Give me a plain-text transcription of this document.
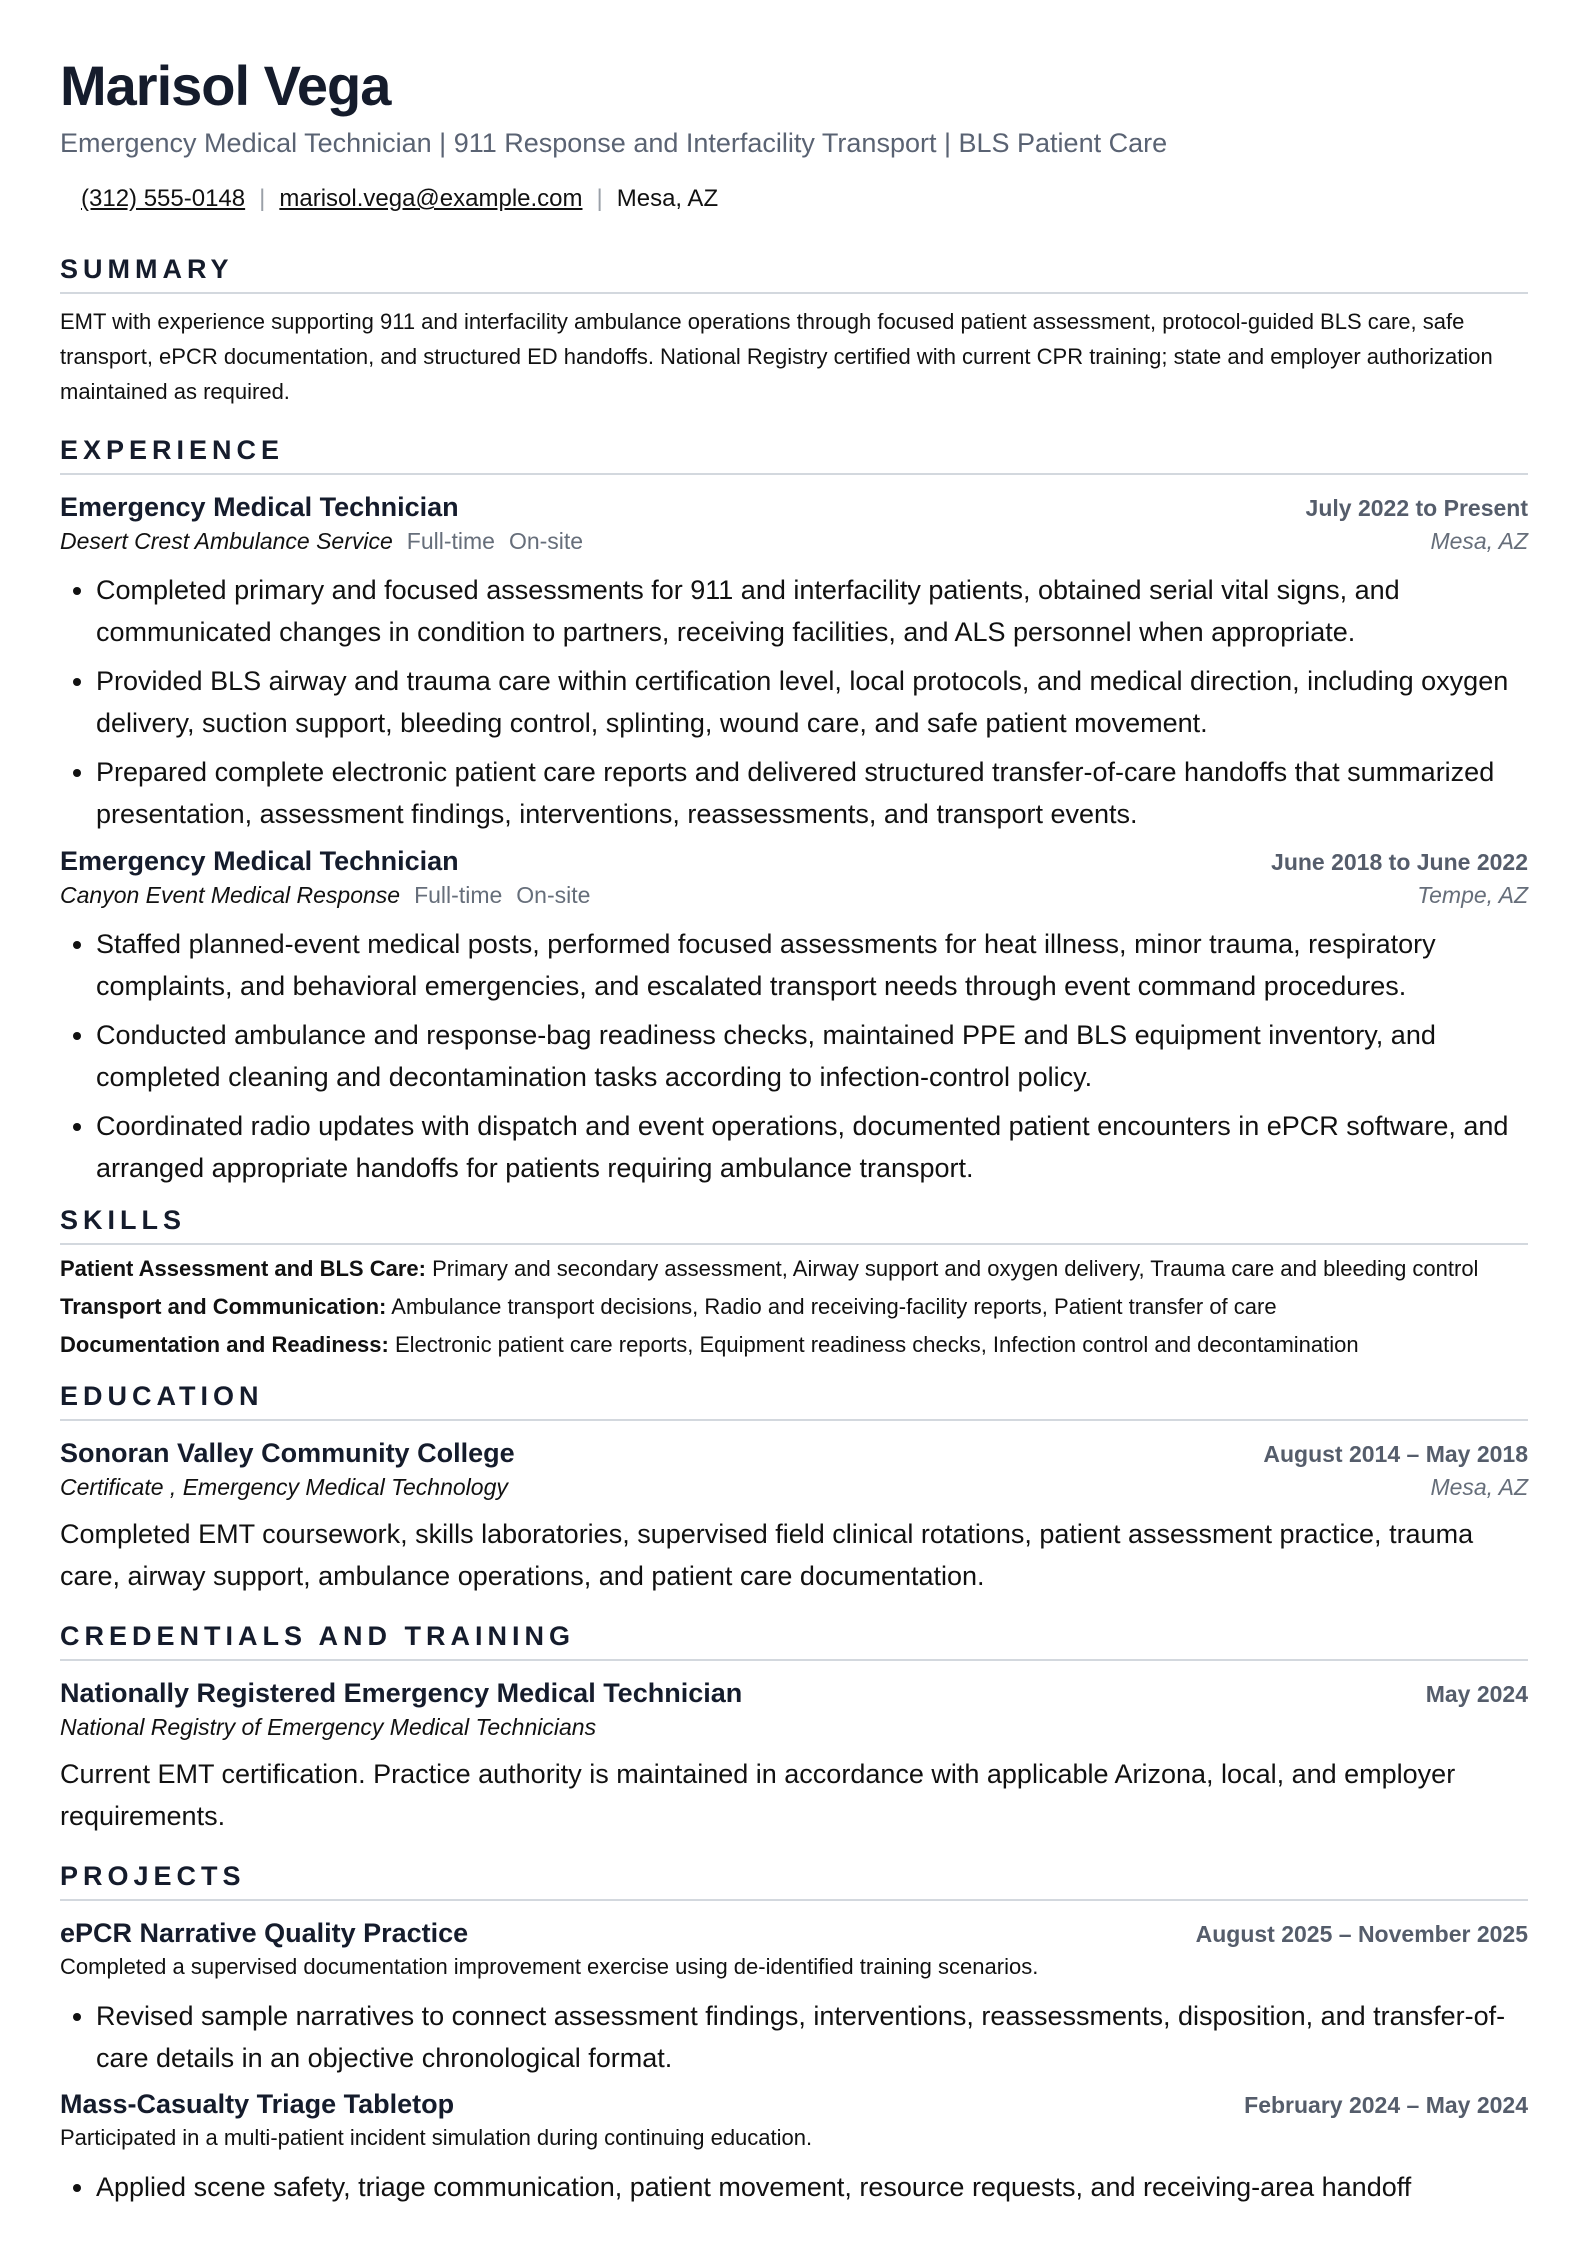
Marisol Vega
Emergency Medical Technician | 911 Response and Interfacility Transport | BLS Patient Care
(312) 555-0148 | marisol.vega@example.com | Mesa, AZ
SUMMARY
EMT with experience supporting 911 and interfacility ambulance operations through focused patient assessment, protocol-guided BLS care, safe transport, ePCR documentation, and structured ED handoffs. National Registry certified with current CPR training; state and employer authorization maintained as required.
EXPERIENCE
Emergency Medical Technician	July 2022 to Present
Desert Crest Ambulance Service Full-time On-site	Mesa, AZ
• Completed primary and focused assessments for 911 and interfacility patients, obtained serial vital signs, and communicated changes in condition to partners, receiving facilities, and ALS personnel when appropriate.
• Provided BLS airway and trauma care within certification level, local protocols, and medical direction, including oxygen delivery, suction support, bleeding control, splinting, wound care, and safe patient movement.
• Prepared complete electronic patient care reports and delivered structured transfer-of-care handoffs that summarized presentation, assessment findings, interventions, reassessments, and transport events.
Emergency Medical Technician	June 2018 to June 2022
Canyon Event Medical Response Full-time On-site	Tempe, AZ
• Staffed planned-event medical posts, performed focused assessments for heat illness, minor trauma, respiratory complaints, and behavioral emergencies, and escalated transport needs through event command procedures.
• Conducted ambulance and response-bag readiness checks, maintained PPE and BLS equipment inventory, and completed cleaning and decontamination tasks according to infection-control policy.
• Coordinated radio updates with dispatch and event operations, documented patient encounters in ePCR software, and arranged appropriate handoffs for patients requiring ambulance transport.
SKILLS
Patient Assessment and BLS Care: Primary and secondary assessment, Airway support and oxygen delivery, Trauma care and bleeding control
Transport and Communication: Ambulance transport decisions, Radio and receiving-facility reports, Patient transfer of care
Documentation and Readiness: Electronic patient care reports, Equipment readiness checks, Infection control and decontamination
EDUCATION
Sonoran Valley Community College	August 2014 – May 2018
Certificate , Emergency Medical Technology	Mesa, AZ
Completed EMT coursework, skills laboratories, supervised field clinical rotations, patient assessment practice, trauma care, airway support, ambulance operations, and patient care documentation.
CREDENTIALS AND TRAINING
Nationally Registered Emergency Medical Technician	May 2024
National Registry of Emergency Medical Technicians
Current EMT certification. Practice authority is maintained in accordance with applicable Arizona, local, and employer requirements.
PROJECTS
ePCR Narrative Quality Practice	August 2025 – November 2025
Completed a supervised documentation improvement exercise using de-identified training scenarios.
• Revised sample narratives to connect assessment findings, interventions, reassessments, disposition, and transfer-of-care details in an objective chronological format.
Mass-Casualty Triage Tabletop	February 2024 – May 2024
Participated in a multi-patient incident simulation during continuing education.
• Applied scene safety, triage communication, patient movement, resource requests, and receiving-area handoff
